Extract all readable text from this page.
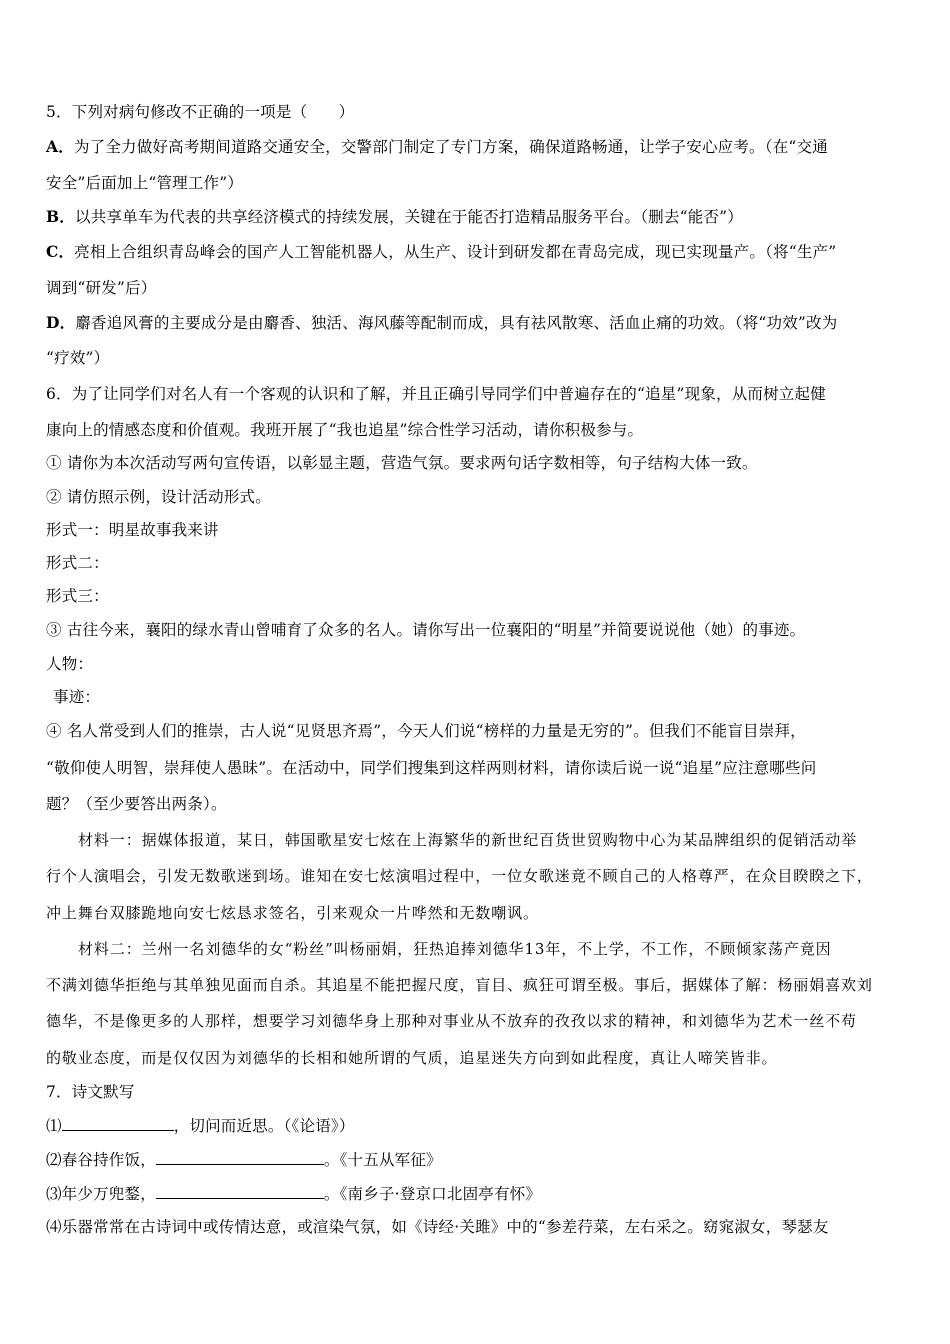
5．下列对病句修改不正确的一项是（　　）
A．为了全力做好高考期间道路交通安全，交警部门制定了专门方案，确保道路畅通，让学子安心应考。（在“交通
安全”后面加上“管理工作”）
B．以共享单车为代表的共享经济模式的持续发展，关键在于能否打造精品服务平台。（删去“能否”）
C．亮相上合组织青岛峰会的国产人工智能机器人，从生产、设计到研发都在青岛完成，现已实现量产。（将“生产”
调到“研发”后）
D．麝香追风膏的主要成分是由麝香、独活、海风藤等配制而成，具有祛风散寒、活血止痛的功效。（将“功效”改为
“疗效”）
6．为了让同学们对名人有一个客观的认识和了解，并且正确引导同学们中普遍存在的“追星”现象，从而树立起健
康向上的情感态度和价值观。我班开展了“我也追星”综合性学习活动，请你积极参与。
① 请你为本次活动写两句宣传语，以彰显主题，营造气氛。要求两句话字数相等，句子结构大体一致。
② 请仿照示例，设计活动形式。
形式一：明星故事我来讲
形式二：
形式三：
③ 古往今来，襄阳的绿水青山曾哺育了众多的名人。请你写出一位襄阳的“明星”并简要说说他（她）的事迹。
人物：
事迹：
④ 名人常受到人们的推崇，古人说“见贤思齐焉”，今天人们说“榜样的力量是无穷的”。但我们不能盲目崇拜，
“敬仰使人明智，崇拜使人愚昧”。在活动中，同学们搜集到这样两则材料，请你读后说一说“追星”应注意哪些问
题？（至少要答出两条）。
材料一：据媒体报道，某日，韩国歌星安七炫在上海繁华的新世纪百货世贸购物中心为某品牌组织的促销活动举
行个人演唱会，引发无数歌迷到场。谁知在安七炫演唱过程中，一位女歌迷竟不顾自己的人格尊严，在众目睽睽之下，
冲上舞台双膝跪地向安七炫恳求签名，引来观众一片哗然和无数嘲讽。
材料二：兰州一名刘德华的女“粉丝”叫杨丽娟，狂热追捧刘德华13年，不上学，不工作，不顾倾家荡产竟因
不满刘德华拒绝与其单独见面而自杀。其追星不能把握尺度，盲目、疯狂可谓至极。事后，据媒体了解：杨丽娟喜欢刘
德华，不是像更多的人那样，想要学习刘德华身上那种对事业从不放弃的孜孜以求的精神，和刘德华为艺术一丝不苟
的敬业态度，而是仅仅因为刘德华的长相和她所谓的气质，追星迷失方向到如此程度，真让人啼笑皆非。
7．诗文默写
⑴	，切问而近思。（《论语》）
⑵春谷持作饭，	。《十五从军征》
⑶年少万兜鍪，	。《南乡子·登京口北固亭有怀》
⑷乐器常常在古诗词中或传情达意，或渲染气氛，如《诗经·关雎》中的“参差荇菜，左右采之。窈窕淑女，琴瑟友
